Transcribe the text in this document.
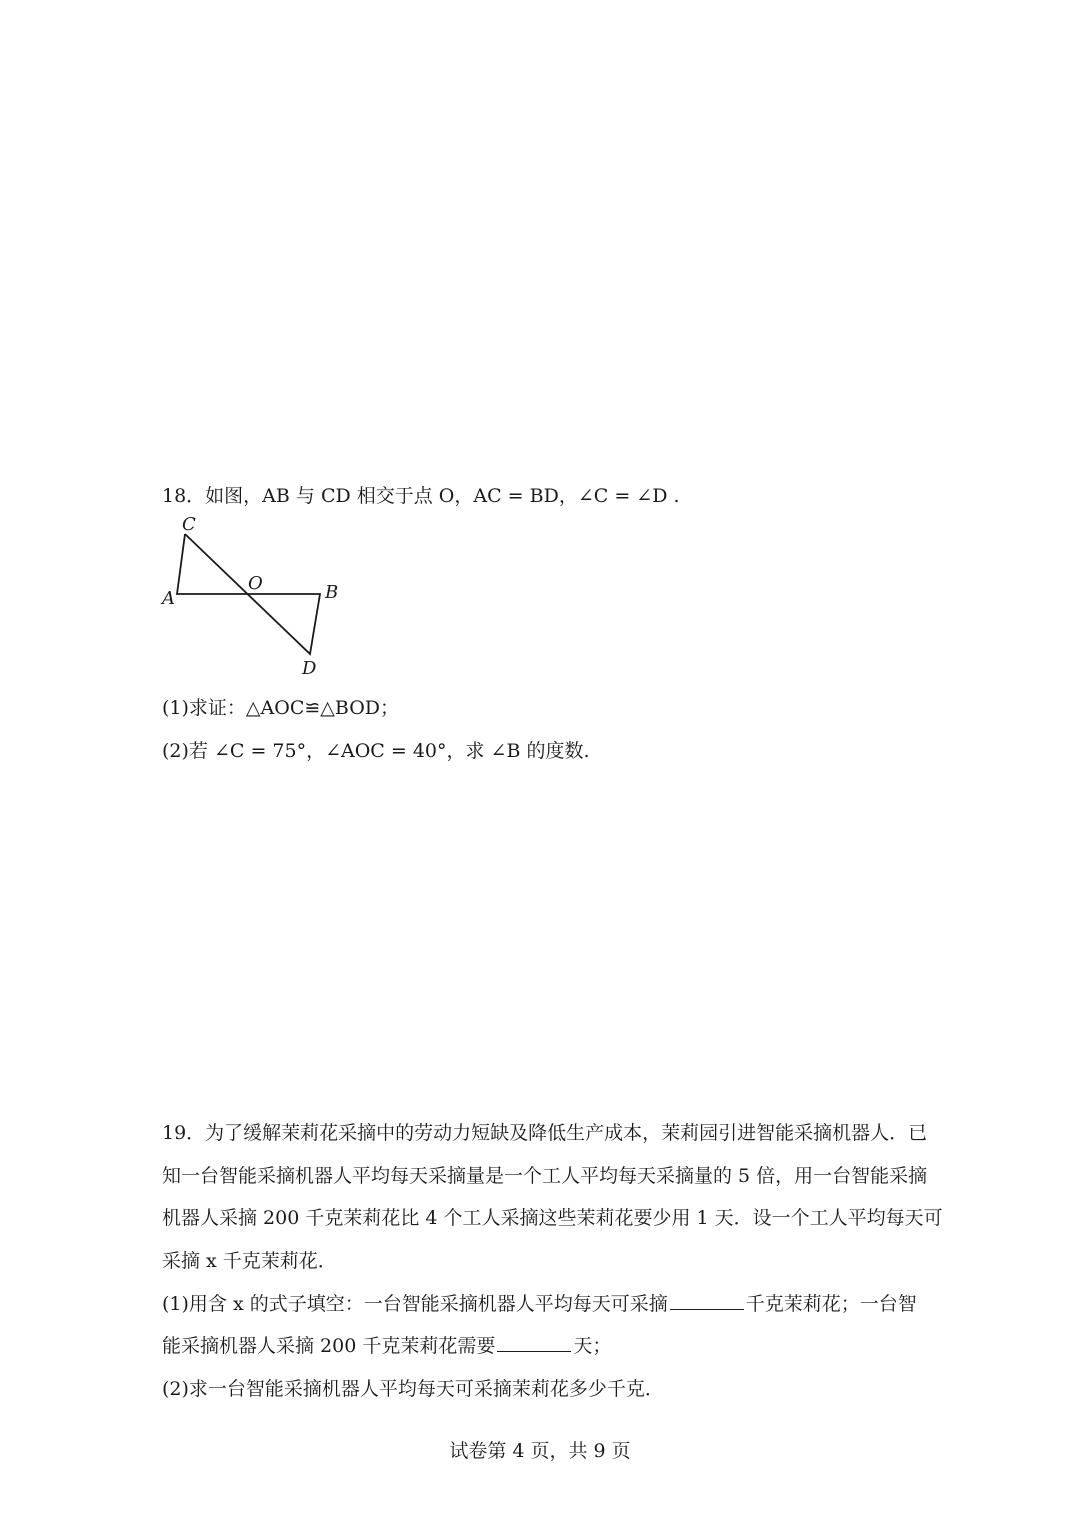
18．如图，AB 与 CD 相交于点 O，AC = BD，∠C = ∠D .
C
A
O	B
D
(1)求证：△AOC≌△BOD；
(2)若 ∠C = 75°，∠AOC = 40°，求 ∠B 的度数.
19．为了缓解茉莉花采摘中的劳动力短缺及降低生产成本，茉莉园引进智能采摘机器人．已
知一台智能采摘机器人平均每天采摘量是一个工人平均每天采摘量的 5 倍，用一台智能采摘
机器人采摘 200 千克茉莉花比 4 个工人采摘这些茉莉花要少用 1 天．设一个工人平均每天可
采摘 x 千克茉莉花．
(1)用含 x 的式子填空：一台智能采摘机器人平均每天可采摘	千克茉莉花；一台智
能采摘机器人采摘 200 千克茉莉花需要	天；
(2)求一台智能采摘机器人平均每天可采摘茉莉花多少千克．
试卷第 4 页，共 9 页
